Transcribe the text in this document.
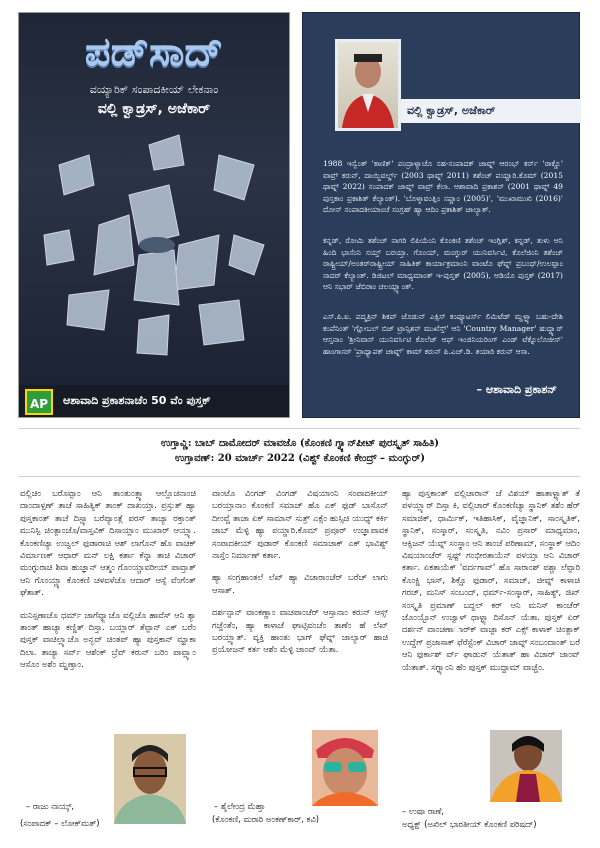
ಪಡ್‌ಸಾದ್
ವಯ್ಯಾರಿಕ್ ಸಂಪಾದಕೀಯ್ ಲೇಕನಾಂ
ವಲ್ಲಿ ಕ್ವಾಡ್ರಸ್, ಅಜೆಕಾರ್
AP	ಆಶಾವಾದಿ ಪ್ರಕಾಶನಾಚೆಂ 50 ವೆಂ ಪುಸ್ತಕ್
ವಲ್ಲಿ ಕ್ವಾಡ್ರಸ್, ಅಜೆಕಾರ್
1988 ಇಸ್ವೆಂತ್ 'ಕಾಣಿಕ್' ಪಂದ್ರಾಳ್ಯಾಚೊ ಸಹ-ಸಂಪಾದಕ್ ಜಾವ್ನ್ ಆರಂಭ್ ಕರ್ನ್ 'ರಾಕ್ಣೊ' ವಾವ್ರ್ ಕರುನ್, ದಾಯ್ಜಿವರ್ಲ್ಡ್ (2003 ಥಾವ್ನ್ 2011) ತಶೆಂಚ್ ಪಯ್ಣಾರಿ.ಕೊಮ್ (2015 ಥಾವ್ನ್ 2022) ಸಂಪಾದಕ್ ಜಾವ್ನ್ ವಾವ್ರ್ ಕೆಲಾ. ಆಶಾವಾದಿ ಪ್ರಕಾಶನ್ (2001 ಥಾವ್ನ್ 49 ಪುಸ್ತಕಾಂ ಪ್ರಕಾಶಿತ್ ಕೆಲ್ಯಾಂತ್). 'ಬೊಳ್ಕಾವಂತ್ಲಿಂ ಸಪ್ಣಾಂ (2005)', 'ಮುಖಾಮುಖಿ (2016)' ದೋನ್ ಸಂಪಾದಕೀಯಾಂಚೆ ಸಂಗ್ರಹ್ ಹ್ಯಾ ಆದಿಂ ಪ್ರಕಾಶಿತ್ ಜಾಲ್ಯಾತ್.
ಕನ್ನಡ್, ರೋಮಿ ತಶೆಂಚ್ ನಾಗರಿ ಲಿಪಿಯೆಂನಿ ಕೊಂಕಣಿ ತಶೆಂಚ್ ಇಂಗ್ಲಿಶ್, ಕನ್ನಡ್, ತುಳು ಆನಿ ಹಿಂದಿ ಭಾಸೆಂನಿ ಸಯ್ತ್ ಬರಯ್ತಾ. ಗೊಂಯ್, ಮಂಗ್ಳುರ್ ಯುನಿವರ್ಸಿಟಿ, ಕೊಲೆಜಿಂನಿ ತಶೆಂಚ್ ರಾಷ್ಟ್ರೀಯ್/ಅಂತರ್‌ರಾಷ್ಟ್ರೀಯ್ ಸಾಹಿತಿಕ್ ಕಾರ್ಯಾಕ್ರಮಾಂನಿ ವಾಂಟೊ ಘೆವ್ನ್ ಪ್ರಬಂಧ್/ಉಲವ್ಪಾಂ ಸಾದರ್ ಕೆಲ್ಯಾಂತ್. ಡಿಜಿಟಲ್ ಮಾಧ್ಯಮಾಂತ್ ಇ-ಪುಸ್ತಕ್ (2005), ಆಡಿಯೊ ಪುಸ್ತಕ್ (2017) ಆನಿ ಸಭಾರ್ ಜೆಬಿರಾಂ ಚಲಯ್ಲ್ಯಾಂತ್.
ಎಸ್.ಪಿ.ಐ. ಪದ್ಮತ್ರಿನ್ ಶಿಕಪ್ ಜೊಡುನ್ ಎಕ್ಸಿಸ್ ಕಂಪ್ಯೂಟರ್ಸ್ ಲಿಮಿಟೆಡ್ ಮ್ಹಳ್ಳ್ಯಾ ಬಹು-ದೇಶಿ ಕಂಪೆನಿಂತ್ 'ಗ್ಲೋಬಲ್ ಬಿಜ್ ಟ್ರಾನ್ಸಿಶನ್ ಮುಖೆಸ್ತ್' ಆನಿ 'Country Manager' ಹುದ್ದ್ಯಾರ್ ಆಸ್ತನಾಂ 'ಶ್ರೀನಿವಾಸ್ ಯುನಿವರ್ಸಿಟಿ ಕೊಲೆಜ್ ಆಫ್ ಇಂಜಿನಿಯರಿಂಗ್ ಎಂಡ್ ಟೆಕ್ನೊಲೊಜೀಸ್' ಹಾಂಗಾಸರ್ 'ಪ್ರಾಧ್ಯಾಪಕ್ ಜಾವ್ನ್' ಕಾಮ್ ಕರುನ್ ಪಿ.ಎಚ್.ಡಿ. ತಯಾರಿ ಕರುನ್ ಆಸಾ.
– ಆಶಾವಾದಿ ಪ್ರಕಾಶನ್
ಉಗ್ತಾವ್ಣಿ: ಬಾಬ್ ದಾಮೋದರ್ ಮಾವಜೊ (ಕೊಂಕಣಿ ಗ್ನ್ಯಾನ್‌ಪೀಟ್ ಪುರಸ್ಕೃತ್ ಸಾಹಿತಿ)
ಉಗ್ತಾವಣ್: 20 ಮಾರ್ಚ್ 2022 (ವಿಶ್ವ್ ಕೊಂಕಣಿ ಕೇಂದ್ರ್ – ಮಂಗ್ಳುರ್)

ವಲ್ಲಿಚಿಂ ಬರೊವ್ಪಾಂ ಆನಿ ತಾಂತುಂತ್ಲ್ಯಾ ಆಲ್ಲೊಚನಾಂಚಿ ದಾಂದಾಳ್ಪಣ್ ತಾಚೆ ಸಾಹಿತ್ಯಿಕ್ ತಾಂಕ್ ದಾಖಯ್ತಾ. ಪ್ರಸ್ತುತ್ ಹ್ಯಾ ಪುಸ್ತಕಾಂತ್ ತಾಚೆ ದಿಸ್ಪ್ಯಾ ಬರೆಪ್ಯಾಂತ್ಲೆ ಪರಸ್ ತಾಚ್ಯಾ ರಕ್ತಾಂತ್ ಮುನಿಸ್ಪಿ ಚಿಂತ್ಪಾಂಚೊ/ವಾಸ್ತವಿಕ್ ದಿಸಾಯ್ಲಾಂ ಮುಖಾರ್ ಆಯ್ಲ್ಯಾ. ಕೊಂಕಣಿಚ್ಯಾ ಉಜ್ವಲ್ ಫುಡಾರಾಚಿ ಆಶ್ ಲಾಗೊನ್ ಹೊ ವಾಚಕ್ ವಿರ್ಮಾಣಕ್ ಆಧಾರ್ ಮನ್ ಲಕ್ಷಿ ಕರ್ತಾ ಕೆನ್ನಾ ತಾಚಿ ವಿಚಾರ್ ಮಂಗ್ಳುರಾಚಿ ಶಿವಾ ಹುಜ್ಞಾನ್ ಆತ್ಮಂ ಗೊಂಯ್ಚಾವರೀಯ್ ಪಾವ್ತಾತ್ ಆನಿ ಗೊಂಯ್ಚ್ಯಾ ಕೊಂಕಣಿ ಚಳವಳೆಚೊ ಆದಾರ್ ಆಸ್ಸೆ ವೆಂಗೆಂತ್ ಘೆತಾತ್.

ಮನಿಸ್ಪಣಾಚೊ ಧರ್ಮ್ ಜಾಗೆವ್ನ್ಪಾಚೊ ವಲ್ಲಿಚೊ ಹಾವೆಸ್ ಆನಿ ತ್ಯಾ ತಾಂತ್ ಹಾಚ್ಯಾ ಕಣ್ಣಿತ್ ದಿಸ್ತಾ. ಬಯ್ಲಾರ್ ತೆವ್ಪಾನ್ ಎಕ್ ಬರೆಂ ಪುಸ್ತಕ್ ವಾಚಿಲ್ಲ್ಯಾಚೊ ಅನ್ಭವ್ ಚಿಂತಪ್ ಹ್ಯಾ ಪುಸ್ತಕಾನ್ ಮ್ಹಾಕಾ ದಿಲಾ. ತಾಚ್ಯಾ ಸರ್ವ್ ಆಶೆಂಕ್ ಬ್ರೆವ್ ಕರುನ್ ಬರಿಂ ಪಾವ್ಲ್ಯಾಂ ಆಸೊಂ ಅಶೆಂ ಮ್ಹಣ್ತಾಂ.

ವಾಂಟೊ ವಿಂಗಡ್ ವಿಂಗಡ್ ವಿಷಯಾಂನಿ ಸಂಪಾದಕೀಯ್ ಬರಯ್ತಾನಾಂ ಕೊಂಕಣಿ ಸಮಾಜ್ ಹೊ ಎಕ್ ಫುಡ್ ಬಾಸೊನ್ ದೀಂವ್ಚೆ ತಾಚಾ ಏಕ್ ಸಾಮಾನ್ ಸುತ್ರ್ ಎಕ್ಸೆಂ ಹುಸ್ಸಿಚಿ ಯುಧ್ಯ್ ಕರ್ಕಿ ಜಾಬ್ ಮೆಳ್ಳಿ ಹ್ಯಾ ಪಯ್ಣಾರಿ.ಕೊಮ್ ಪ್ರಪೂರ್ ಉಜ್ಞಾಪಾವಕ ಸಂಪಾದಕೀಯ್ ಪುಡಾರ್ ಕೊಂಕಣಿ ಸಮಾಜಾಕ್ ಎಕ್ ಭಾವಿಶ್ಯ್ ನಾಸ್ತೆಂ ನಿರ್ಮಾಣ್ ಕರ್ತಾ.

ಹ್ಯಾ ಸಂಗ್ರಹಾಂತಲೆ ಲೆಖ್ ಹ್ಯಾ ವಿಚಾರಾಂಚೆರ್ ಬರೆಚ್ ಲಾಗು ಆಸಾತ್.

ದರ್ಶನ್ಪಾನ್ ವಾಂಕಣ್ಣಾಂ ವಾಚಪಾಂಚೆರ್ ಆಸ್ತಾನಾಂ ಕರುನ್ ಆಸ್ಸ್ ಗಜ್ಜೆಂತೆಂ, ಹ್ಯಾ ಕಾಳಾಚೆ ಘಾಟ್ಸಿವಂಚೆಂ ತಾಣೆಂ ಹೆ ಲೆಖ್ ಬರಯ್ಲ್ಯಾತ್. ವ್ಯಕ್ತಿ ಹಾಂತು ಭಾಗ್ ಘೆವ್ನ್ ಜಾಲ್ಯಾರ್ ಹಾಚಿ ಪ್ರಯೋಜನ್ ಕರ್ತ ಆಶೆಂ ಮೆಳ್ಳಿ ಜಾಂವ್ ಯೆತಾ.

ಹ್ಯಾ ಪುಸ್ತಕಾಂತ್ ವಲ್ಲಿಚಾರಾನ್ ಜೆ ವಿಶಯ್ ಹಾತಾಳ್ಳ್ಯಾತ್ ತೆ ಪಳಯ್ಲ್ಯಾರ್ ದಿಸ್ತಾ ಕಿ, ವಲ್ಲಿಚಾರ್ ಕೊಂಕಣಿಚ್ಯಾ ಸ್ಥಾನಿಕ್ ತಶೆಂ ಹೆರ್ ಸಮಾಜಿಕ್, ಧಾರ್ಮಿಕ್, ಇತಿಹಾಸಿಕ್, ವೈಜ್ಞಾನಿಕ್, ಸಾಂಸ್ಕೃತಿಕ್, ಸ್ಥಾನಿಕ್, ಸಂಸ್ಕಾರ್, ಸಂಸ್ಕೃತಿ, ನವಿಂ ಪ್ರಸಾರ್ ಮಾಧ್ಯಮಾಂ, ಆಕ್ಸಿಜನ್ ಯೆವ್ನ್ ಸಂಸ್ಥಾಂ ಆನಿ ತಾಂಚೆ ಪರಿಣಾಮ್, ಸಂಸ್ಥಾಕ್ ಆದಿಂ ವಿಷಯಾಂಚೆರ್ ಸ್ಪಷ್ಟ್ ಗಂಭೀರತಾಯೆನ್ ಪಳಯ್ತಾ ಆನಿ ವಿಚಾರ್ ಕರ್ತಾ. ಏಕತಾಯೆಕ್ 'ವರ್ದಗಾವ್' ಹೊ ಸಾರಾಂಶ್ ಪಶ್ಚಾ ಲೆವ್ಪಾರಿ ಕೊಂಕ್ಣಿ ಭಾಸ್, ಶಿಕ್ಷೊ ಫುಡಾರ್, ಸಮಾಜ್, ಜೀವ್ನ್ ಕಾಳಾಚಿ ಗರಜ್, ಮನಿಸ್ ಸಂಬಂದ್, ಧರ್ಮ್-ಸಂಸ್ಕಾರ್, ಸಾಹಿತ್ಯ್, ಜಿಖ್ ಸಂಸ್ಕೃತಿ ಪ್ರಮಾಣ್ ಬದ್ದಲ್ ಕರ್ ಆನಿ ಮನಿಸ್ ಕಾಂಚೆರ್ ಜೊಂಯ್ಟೊನ್ ಉಜ್ವಾಳ್ ಥಾಳ್ಳ್ಯಾ ದಿಸೊನ್ ಯೆತಾ. ಪುಸ್ತಕ್ ಏರ್ ದರ್ಶನ್ ವಾಂಚಣಾರ್ಾಕ್ ವಾಚ್ಪಾ ಕರ್ ಎಕ್ಸ್ ಕಾಳಾಕ್ ಚಿಂತ್ಪಾಕ್ ಉದ್ದೆಗ್ ಪ್ರಜಾಸಾಕ್ ಫೆರೆಸ್ಟೆಂಕ್ ವಿಚಾರ್ ಜಾವ್ನ್ ಸಂಬಂದಾಂತ್ ಬರೆ ಆನಿ ಫುರ್ಕಾಶ್ ರ್ವ್ ಘಾಡುನ್ ಯೆತಾತ್ ಹಾ ವಿಚಾರ್ ಜಾಂವ್ ಯೆತಾತ್. ಸಗ್ಳ್ಯಾಂನಿ ಹೆಂ ಪುಸ್ತಕ್ ಮುದ್ದಾಮ್ ವಾಚ್ಚೆಂ.

– ರಾಜು ನಾಯ್ಕ್,
(ಸಂಪಾದಕ್ – ಲೋಕ್‌ಮತ್)
– ಶೈಲೇಂದ್ರ ಮೆಹ್ತಾ
(ಕೊಂಕಣಿ, ಮರಾಠಿ ಅಂಕಣ್‌ಕಾರ್, ಕವಿ)
– ಉಷಾ ರಾಣೆ,
ಅಧ್ಯಕ್ಷ್ (ಅಖಿಲ್ ಭಾರತೀಯ್ ಕೊಂಕಣಿ ಪರಿಷದ್)
